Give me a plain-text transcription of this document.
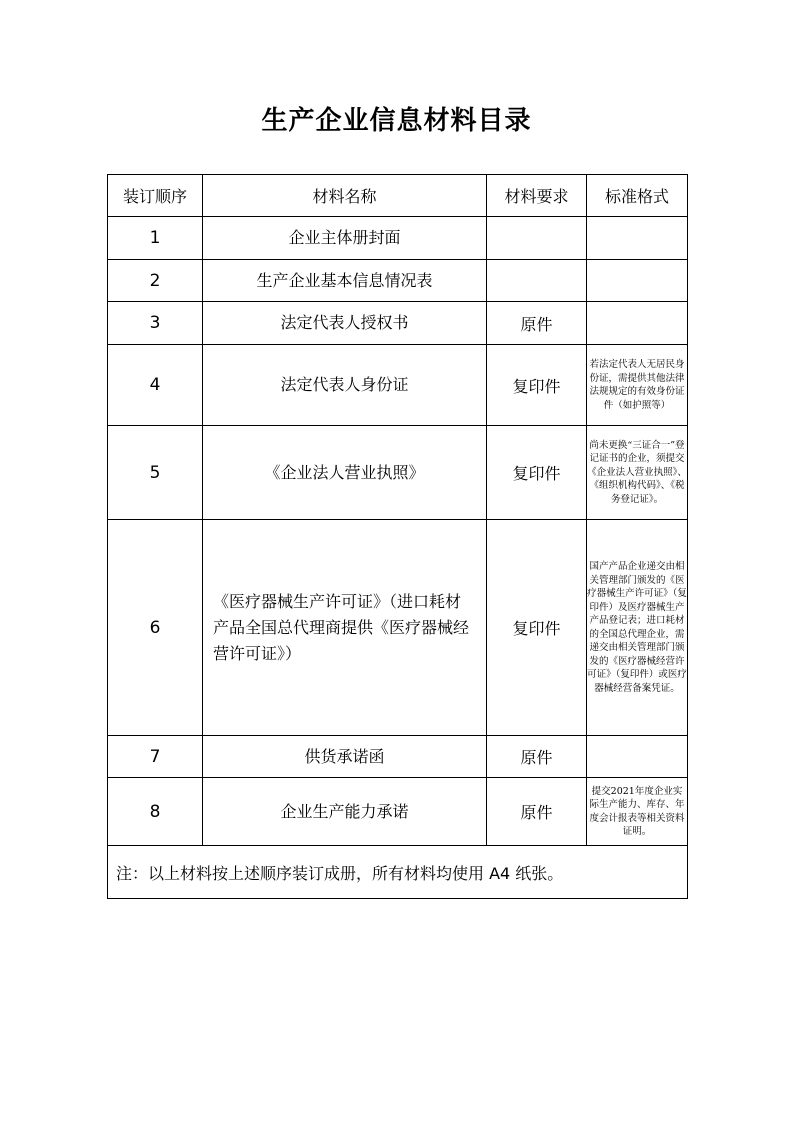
生产企业信息材料目录
装订顺序	材料名称	材料要求	标准格式
1	企业主体册封面		
2	生产企业基本信息情况表		
3	法定代表人授权书	原件	
4	法定代表人身份证	复印件	若法定代表人无居民身份证，需提供其他法律法规规定的有效身份证件（如护照等）
5	《企业法人营业执照》	复印件	尚未更换“三证合一”登记证书的企业，须提交《企业法人营业执照》、《组织机构代码》、《税务登记证》。
6	《医疗器械生产许可证》（进口耗材产品全国总代理商提供《医疗器械经营许可证》）	复印件	国产产品企业递交由相关管理部门颁发的《医疗器械生产许可证》（复印件）及医疗器械生产产品登记表；进口耗材的全国总代理企业，需递交由相关管理部门颁发的《医疗器械经营许可证》（复印件）或医疗器械经营备案凭证。
7	供货承诺函	原件	
8	企业生产能力承诺	原件	提交2021年度企业实际生产能力、库存、年度会计报表等相关资料证明。
注：以上材料按上述顺序装订成册，所有材料均使用 A4 纸张。			
